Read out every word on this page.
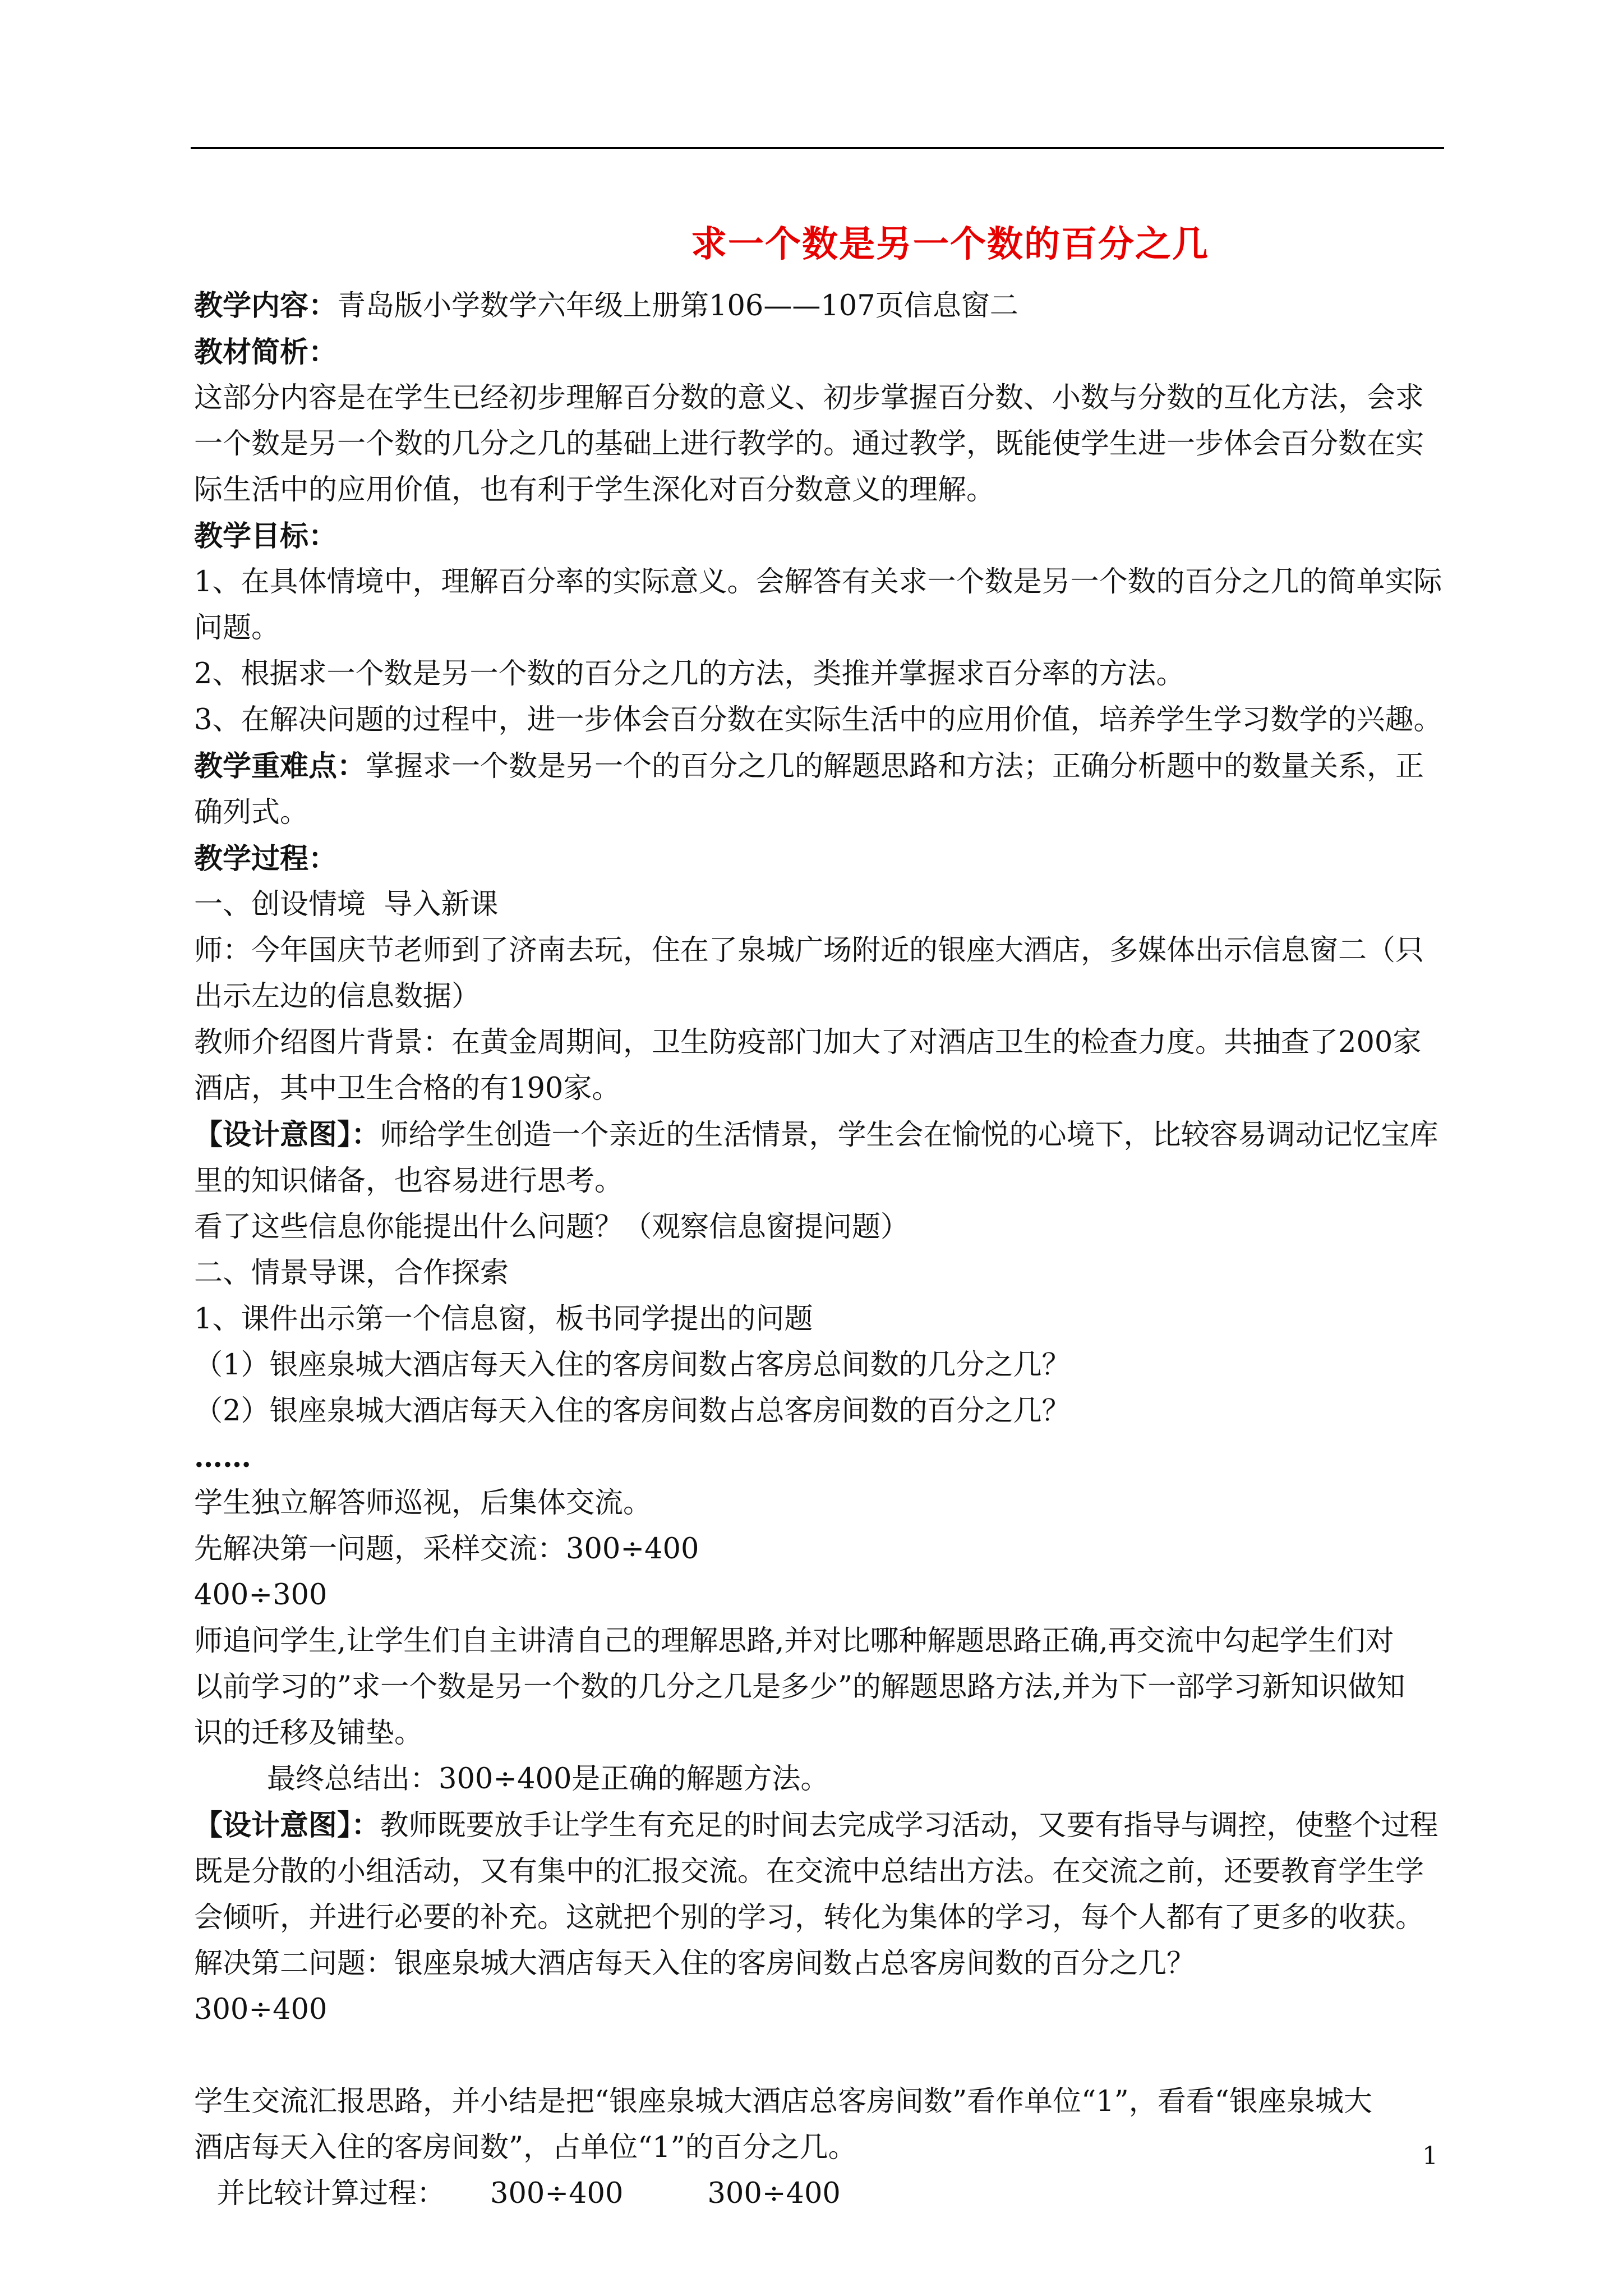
求一个数是另一个数的百分之几

教学内容：青岛版小学数学六年级上册第106——107页信息窗二

教材简析：

这部分内容是在学生已经初步理解百分数的意义、初步掌握百分数、小数与分数的互化方法，会求

一个数是另一个数的几分之几的基础上进行教学的。通过教学，既能使学生进一步体会百分数在实

际生活中的应用价值，也有利于学生深化对百分数意义的理解。

教学目标：

1、在具体情境中，理解百分率的实际意义。会解答有关求一个数是另一个数的百分之几的简单实际

问题。

2、根据求一个数是另一个数的百分之几的方法，类推并掌握求百分率的方法。

3、在解决问题的过程中，进一步体会百分数在实际生活中的应用价值，培养学生学习数学的兴趣。

教学重难点：掌握求一个数是另一个的百分之几的解题思路和方法；正确分析题中的数量关系，正

确列式。

教学过程：

一、创设情境 导入新课

师：今年国庆节老师到了济南去玩，住在了泉城广场附近的银座大酒店，多媒体出示信息窗二（只

出示左边的信息数据）

教师介绍图片背景：在黄金周期间，卫生防疫部门加大了对酒店卫生的检查力度。共抽查了200家

酒店，其中卫生合格的有190家。

【设计意图】：师给学生创造一个亲近的生活情景，学生会在愉悦的心境下，比较容易调动记忆宝库

里的知识储备，也容易进行思考。

看了这些信息你能提出什么问题？（观察信息窗提问题）

二、情景导课，合作探索

1、课件出示第一个信息窗，板书同学提出的问题

（1）银座泉城大酒店每天入住的客房间数占客房总间数的几分之几？

（2）银座泉城大酒店每天入住的客房间数占总客房间数的百分之几？

……

学生独立解答师巡视，后集体交流。

先解决第一问题，采样交流：300÷400

400÷300

师追问学生,让学生们自主讲清自己的理解思路,并对比哪种解题思路正确,再交流中勾起学生们对

以前学习的”求一个数是另一个数的几分之几是多少”的解题思路方法,并为下一部学习新知识做知

识的迁移及铺垫。

最终总结出：300÷400是正确的解题方法。

【设计意图】：教师既要放手让学生有充足的时间去完成学习活动，又要有指导与调控，使整个过程

既是分散的小组活动，又有集中的汇报交流。在交流中总结出方法。在交流之前，还要教育学生学

会倾听，并进行必要的补充。这就把个别的学习，转化为集体的学习，每个人都有了更多的收获。

解决第二问题：银座泉城大酒店每天入住的客房间数占总客房间数的百分之几？

300÷400

学生交流汇报思路，并小结是把“银座泉城大酒店总客房间数”看作单位“1”，看看“银座泉城大

酒店每天入住的客房间数”，占单位“1”的百分之几。

并比较计算过程： 300÷400	300÷400

1
